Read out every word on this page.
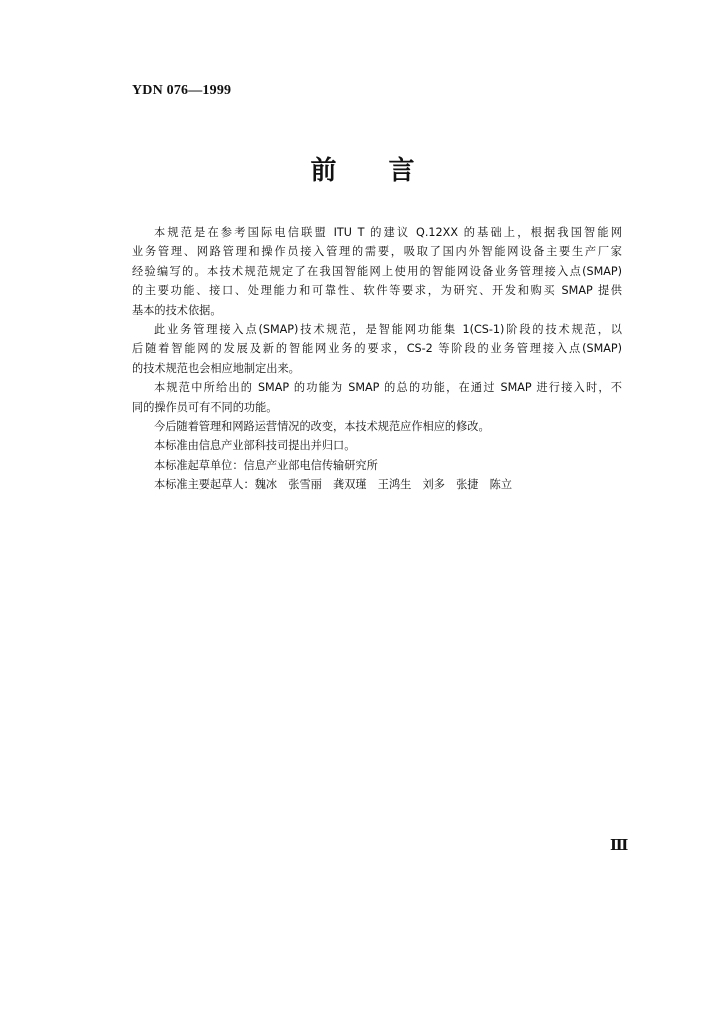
YDN 076—1999
前 言
本规范是在参考国际电信联盟 ITU T 的建议 Q.12XX 的基础上，根据我国智能网
业务管理、网路管理和操作员接入管理的需要，吸取了国内外智能网设备主要生产厂家
经验编写的。本技术规范规定了在我国智能网上使用的智能网设备业务管理接入点(SMAP)
的主要功能、接口、处理能力和可靠性、软件等要求，为研究、开发和购买 SMAP 提供
基本的技术依据。
此业务管理接入点(SMAP)技术规范，是智能网功能集 1(CS-1)阶段的技术规范，以
后随着智能网的发展及新的智能网业务的要求，CS-2 等阶段的业务管理接入点(SMAP)
的技术规范也会相应地制定出来。
本规范中所给出的 SMAP 的功能为 SMAP 的总的功能，在通过 SMAP 进行接入时，不
同的操作员可有不同的功能。
今后随着管理和网路运营情况的改变，本技术规范应作相应的修改。
本标准由信息产业部科技司提出并归口。
本标准起草单位：信息产业部电信传输研究所
本标准主要起草人：魏冰　张雪丽　龚双瑾　王鸿生　刘多　张捷　陈立
Ⅲ
